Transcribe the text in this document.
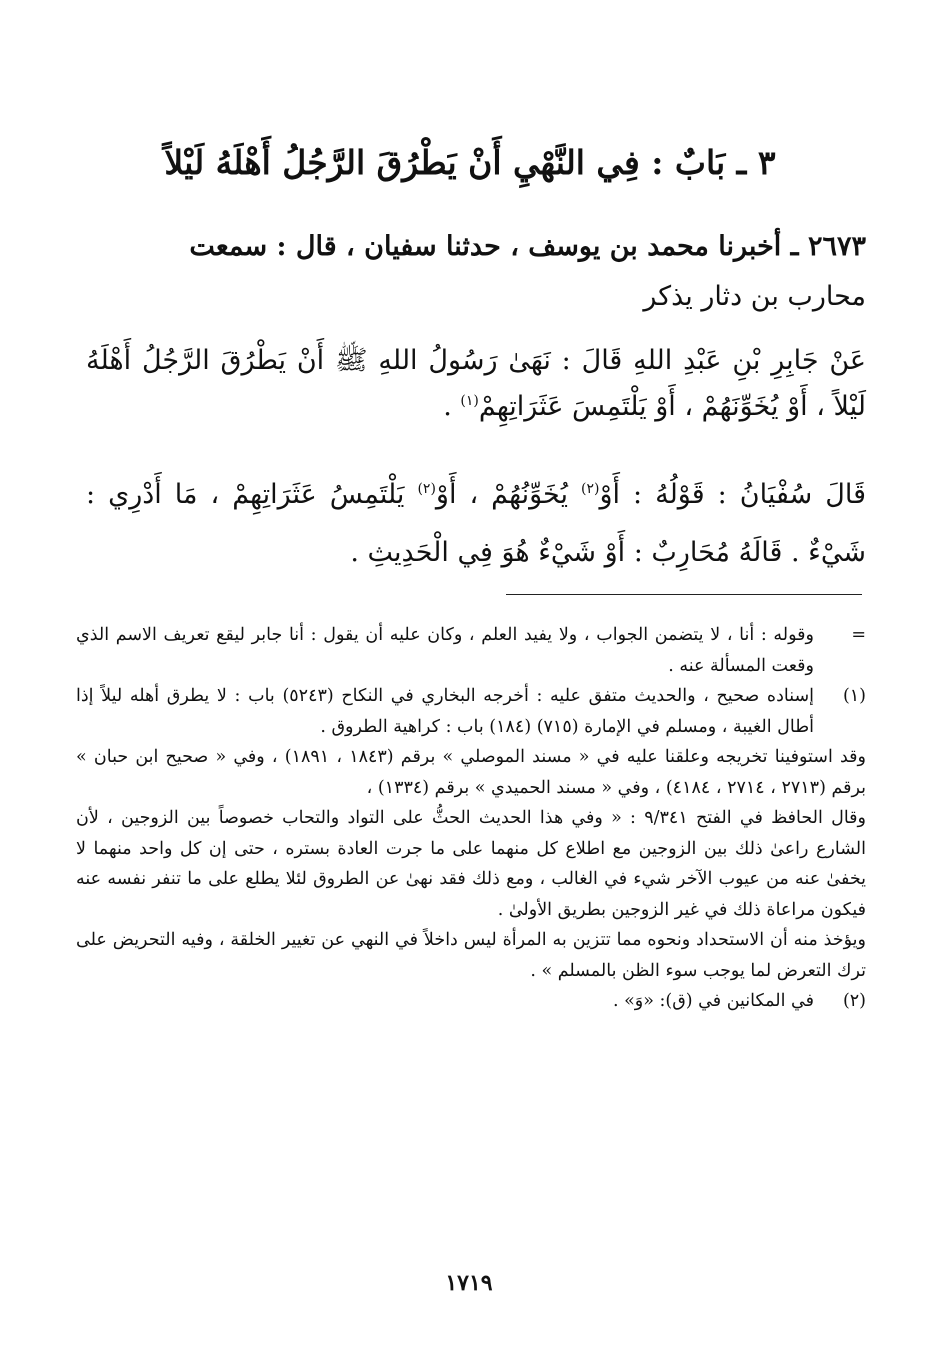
٣ ـ بَابٌ : فِي النَّهْيِ أَنْ يَطْرُقَ الرَّجُلُ أَهْلَهُ لَيْلاً
٢٦٧٣ ـ أخبرنا محمد بن يوسف ، حدثنا سفيان ، قال : سمعت
محارب بن دثار يذكر
عَنْ جَابِرِ بْنِ عَبْدِ اللهِ قَالَ : نَهَىٰ رَسُولُ اللهِ ﷺ أَنْ يَطْرُقَ الرَّجُلُ أَهْلَهُ لَيْلاً ، أَوْ يُخَوِّنَهُمْ ، أَوْ يَلْتَمِسَ عَثَرَاتِهِمْ$^{(١)}$ .
قَالَ سُفْيَانُ : قَوْلُهُ : أَوْ$^{(٢)}$ يُخَوِّنُهُمْ ، أَوْ$^{(٢)}$ يَلْتَمِسُ عَثَرَاتِهِمْ ، مَا أَدْرِي : شَيْءٌ . قَالَهُ مُحَارِبٌ : أَوْ شَيْءٌ هُوَ فِي الْحَدِيثِ .
=
وقوله : أنا ، لا يتضمن الجواب ، ولا يفيد العلم ، وكان عليه أن يقول : أنا جابر ليقع تعريف الاسم الذي وقعت المسألة عنه .
(١)
إسناده صحيح ، والحديث متفق عليه : أخرجه البخاري في النكاح (٥٢٤٣) باب : لا يطرق أهله ليلاً إذا أطال الغيبة ، ومسلم في الإمارة (٧١٥) (١٨٤) باب : كراهية الطروق .
وقد استوفينا تخريجه وعلقنا عليه في « مسند الموصلي » برقم (١٨٤٣ ، ١٨٩١) ، وفي « صحيح ابن حبان » برقم (٢٧١٣ ، ٢٧١٤ ، ٤١٨٤) ، وفي « مسند الحميدي » برقم (١٣٣٤) ،
وقال الحافظ في الفتح ٩/٣٤١ : « وفي هذا الحديث الحثُّ على التواد والتحاب خصوصاً بين الزوجين ، لأن الشارع راعىٰ ذلك بين الزوجين مع اطلاع كل منهما على ما جرت العادة بستره ، حتى إن كل واحد منهما لا يخفىٰ عنه من عيوب الآخر شيء في الغالب ، ومع ذلك فقد نهىٰ عن الطروق لئلا يطلع على ما تنفر نفسه عنه فيكون مراعاة ذلك في غير الزوجين بطريق الأولىٰ .
ويؤخذ منه أن الاستحداد ونحوه مما تتزين به المرأة ليس داخلاً في النهي عن تغيير الخلقة ، وفيه التحريض على ترك التعرض لما يوجب سوء الظن بالمسلم » .
(٢)
في المكانين في (ق): «وَ» .
١٧١٩
